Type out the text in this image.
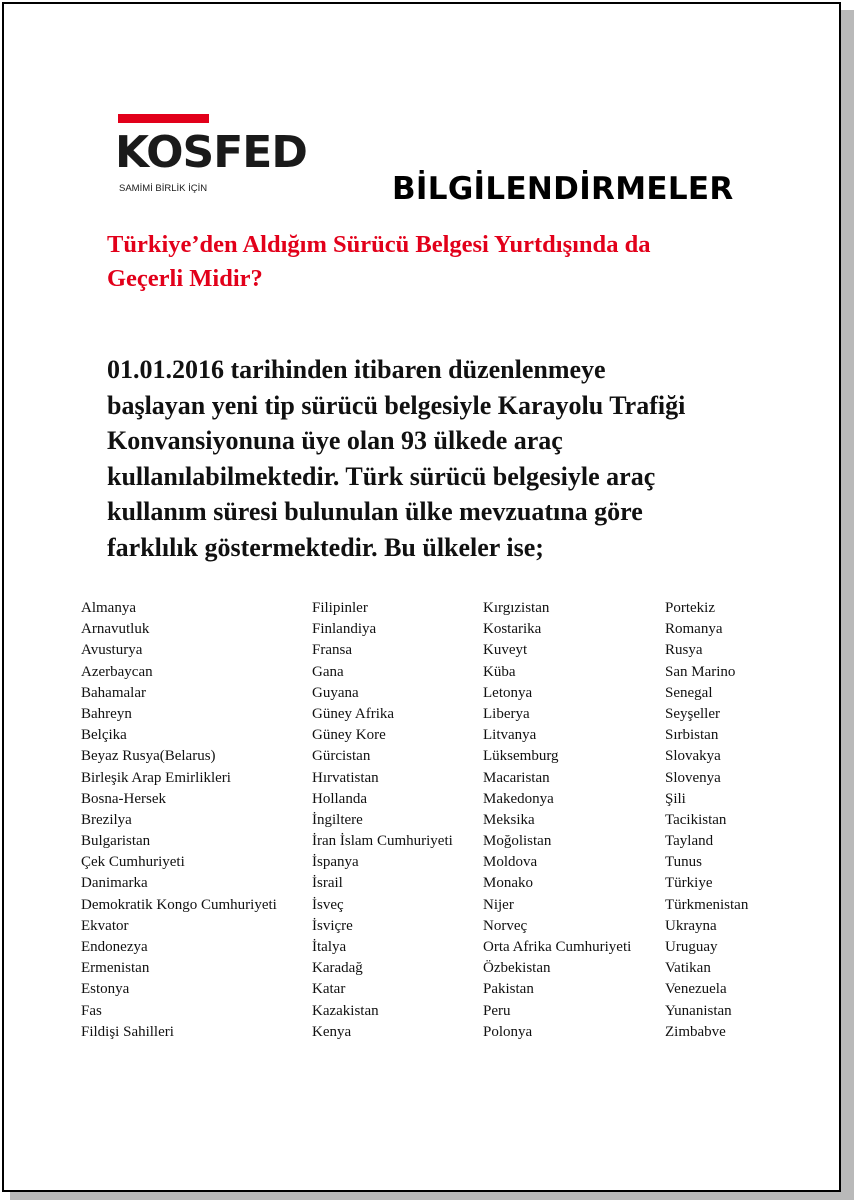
KOSFED
SAMİMİ BİRLİK İÇİN	BİLGİLENDİRMELER
Türkiye’den Aldığım Sürücü Belgesi Yurtdışında da
Geçerli Midir?
01.01.2016 tarihinden itibaren düzenlenmeye
başlayan yeni tip sürücü belgesiyle Karayolu Trafiği
Konvansiyonuna üye olan 93 ülkede araç
kullanılabilmektedir. Türk sürücü belgesiyle araç
kullanım süresi bulunulan ülke mevzuatına göre
farklılık göstermektedir. Bu ülkeler ise;
Almanya
Arnavutluk
Avusturya
Azerbaycan
Bahamalar
Bahreyn
Belçika
Beyaz Rusya(Belarus)
Birleşik Arap Emirlikleri
Bosna-Hersek
Brezilya
Bulgaristan
Çek Cumhuriyeti
Danimarka
Demokratik Kongo Cumhuriyeti
Ekvator
Endonezya
Ermenistan
Estonya
Fas
Fildişi Sahilleri
Filipinler
Finlandiya
Fransa
Gana
Guyana
Güney Afrika
Güney Kore
Gürcistan
Hırvatistan
Hollanda
İngiltere
İran İslam Cumhuriyeti
İspanya
İsrail
İsveç
İsviçre
İtalya
Karadağ
Katar
Kazakistan
Kenya
Kırgızistan
Kostarika
Kuveyt
Küba
Letonya
Liberya
Litvanya
Lüksemburg
Macaristan
Makedonya
Meksika
Moğolistan
Moldova
Monako
Nijer
Norveç
Orta Afrika Cumhuriyeti
Özbekistan
Pakistan
Peru
Polonya
Portekiz
Romanya
Rusya
San Marino
Senegal
Seyşeller
Sırbistan
Slovakya
Slovenya
Şili
Tacikistan
Tayland
Tunus
Türkiye
Türkmenistan
Ukrayna
Uruguay
Vatikan
Venezuela
Yunanistan
Zimbabve
